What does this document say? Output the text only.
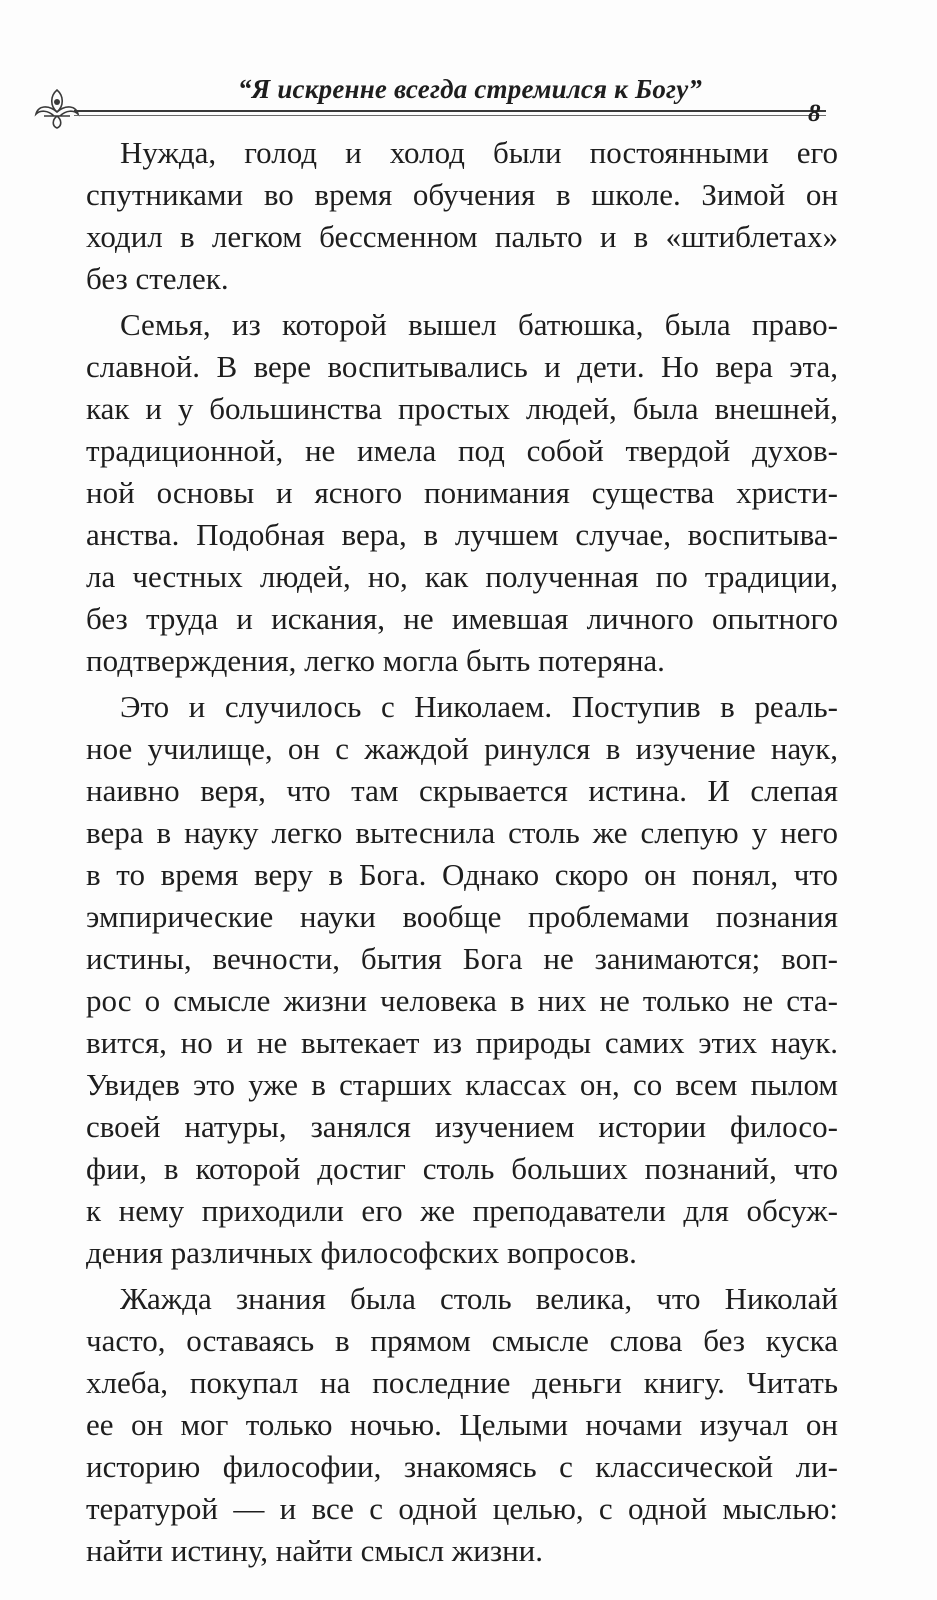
“Я искренне всегда стремился к Богу”
8
Нужда, голод и холод были постоянными его
спутниками во время обучения в школе. Зимой он
ходил в легком бессменном пальто и в «штиблетах»
без стелек.
Семья, из которой вышел батюшка, была право-
славной. В вере воспитывались и дети. Но вера эта,
как и у большинства простых людей, была внешней,
традиционной, не имела под собой твердой духов-
ной основы и ясного понимания существа христи-
анства. Подобная вера, в лучшем случае, воспитыва-
ла честных людей, но, как полученная по традиции,
без труда и искания, не имевшая личного опытного
подтверждения, легко могла быть потеряна.
Это и случилось с Николаем. Поступив в реаль-
ное училище, он с жаждой ринулся в изучение наук,
наивно веря, что там скрывается истина. И слепая
вера в науку легко вытеснила столь же слепую у него
в то время веру в Бога. Однако скоро он понял, что
эмпирические науки вообще проблемами познания
истины, вечности, бытия Бога не занимаются; воп-
рос о смысле жизни человека в них не только не ста-
вится, но и не вытекает из природы самих этих наук.
Увидев это уже в старших классах он, со всем пылом
своей натуры, занялся изучением истории филосо-
фии, в которой достиг столь больших познаний, что
к нему приходили его же преподаватели для обсуж-
дения различных философских вопросов.
Жажда знания была столь велика, что Николай
часто, оставаясь в прямом смысле слова без куска
хлеба, покупал на последние деньги книгу. Читать
ее он мог только ночью. Целыми ночами изучал он
историю философии, знакомясь с классической ли-
тературой — и все с одной целью, с одной мыслью:
найти истину, найти смысл жизни.
